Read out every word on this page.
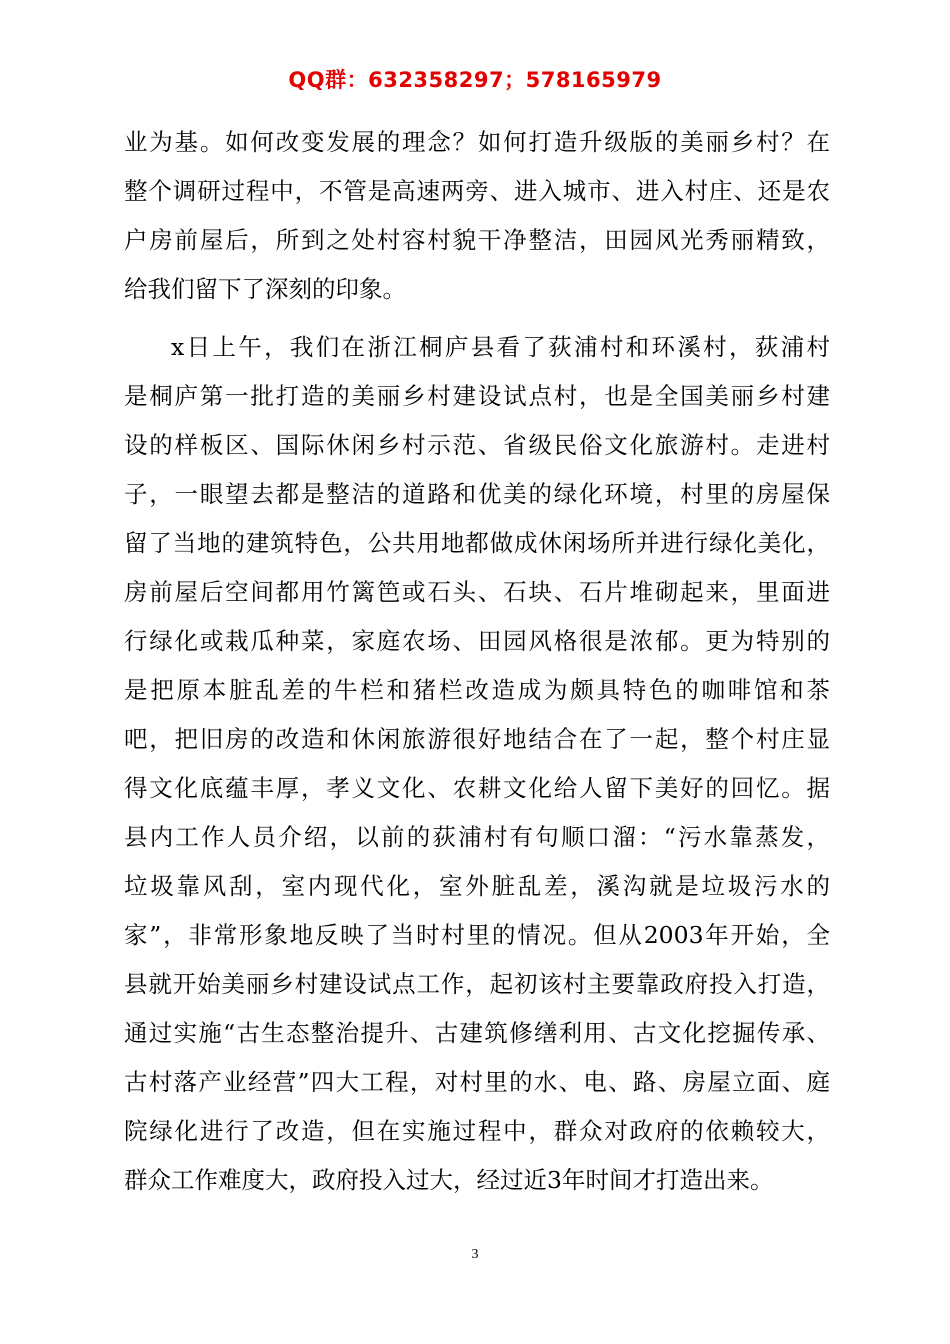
QQ群：632358297；578165979
业为基。如何改变发展的理念？如何打造升级版的美丽乡村？在
整个调研过程中，不管是高速两旁、进入城市、进入村庄、还是农
户房前屋后，所到之处村容村貌干净整洁，田园风光秀丽精致，
给我们留下了深刻的印象。
x日上午，我们在浙江桐庐县看了荻浦村和环溪村，荻浦村
是桐庐第一批打造的美丽乡村建设试点村，也是全国美丽乡村建
设的样板区、国际休闲乡村示范、省级民俗文化旅游村。走进村
子，一眼望去都是整洁的道路和优美的绿化环境，村里的房屋保
留了当地的建筑特色，公共用地都做成休闲场所并进行绿化美化，
房前屋后空间都用竹篱笆或石头、石块、石片堆砌起来，里面进
行绿化或栽瓜种菜，家庭农场、田园风格很是浓郁。更为特别的
是把原本脏乱差的牛栏和猪栏改造成为颇具特色的咖啡馆和茶
吧，把旧房的改造和休闲旅游很好地结合在了一起，整个村庄显
得文化底蕴丰厚，孝义文化、农耕文化给人留下美好的回忆。据
县内工作人员介绍，以前的荻浦村有句顺口溜：“污水靠蒸发，
垃圾靠风刮，室内现代化，室外脏乱差，溪沟就是垃圾污水的
家”，非常形象地反映了当时村里的情况。但从2003年开始，全
县就开始美丽乡村建设试点工作，起初该村主要靠政府投入打造，
通过实施“古生态整治提升、古建筑修缮利用、古文化挖掘传承、
古村落产业经营”四大工程，对村里的水、电、路、房屋立面、庭
院绿化进行了改造，但在实施过程中，群众对政府的依赖较大，
群众工作难度大，政府投入过大，经过近3年时间才打造出来。
3
